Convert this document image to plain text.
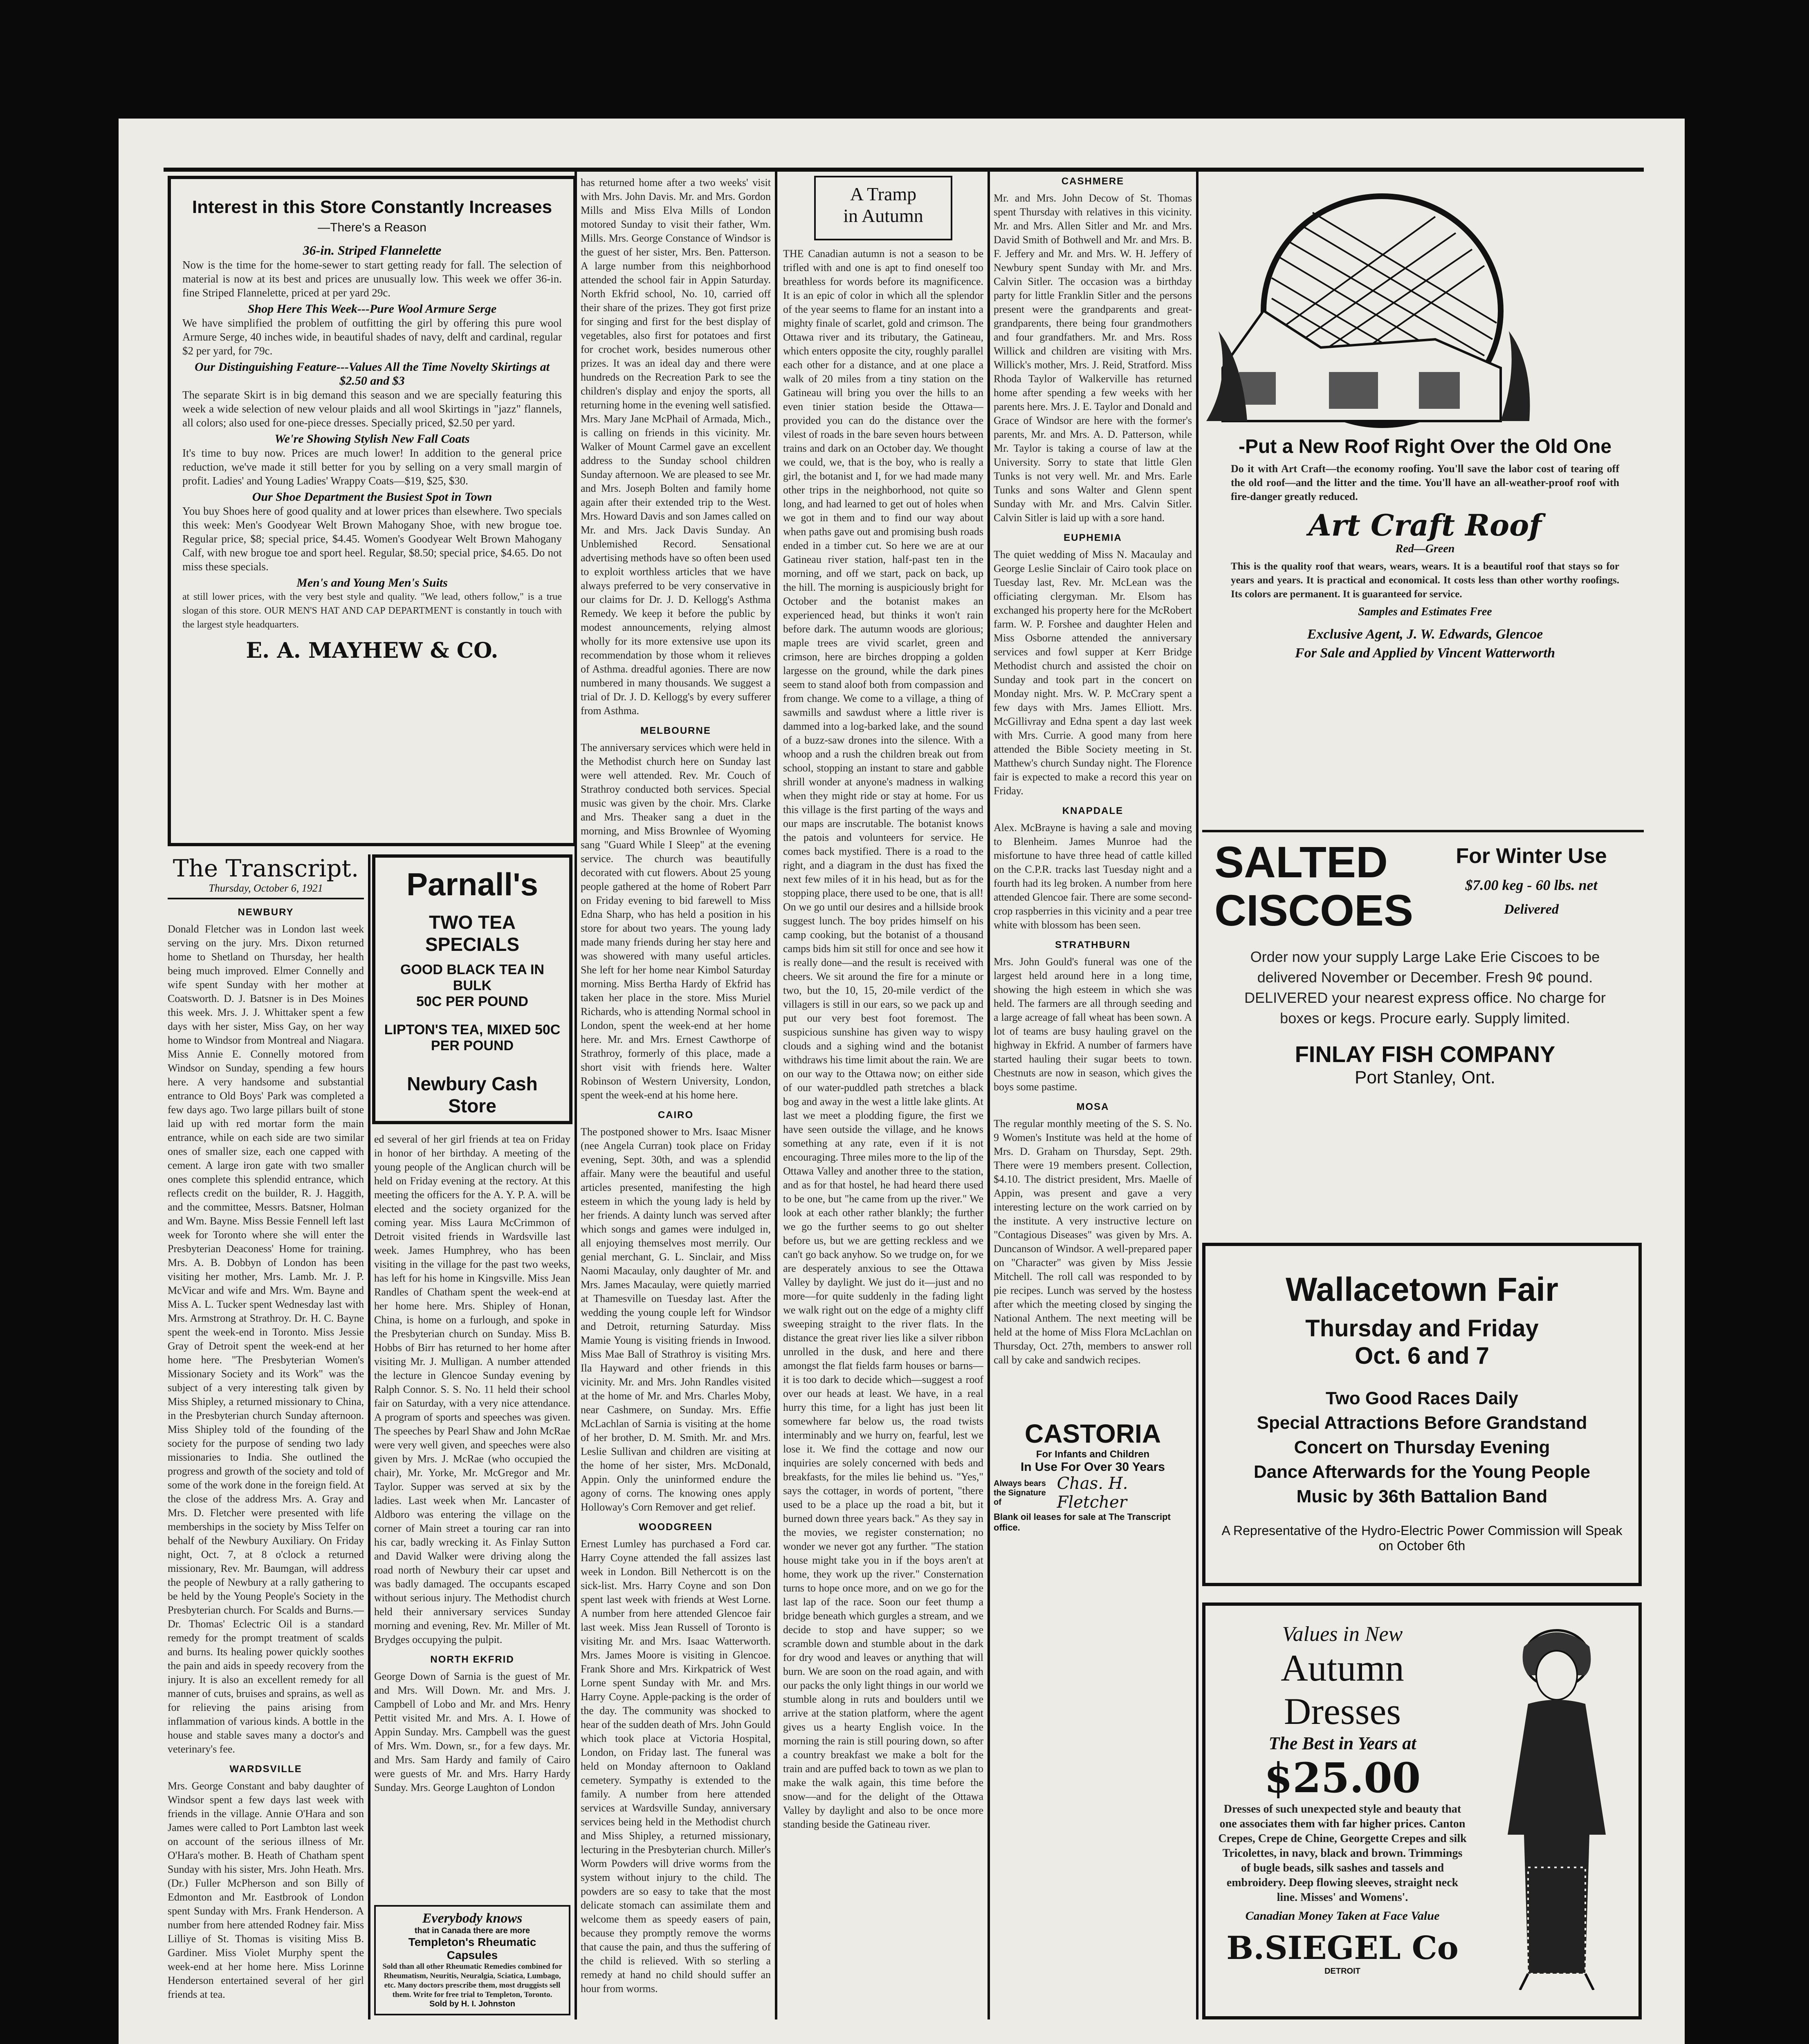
Interest in this Store Constantly Increases
—There's a Reason
36-in. Striped Flannelette

Now is the time for the home-sewer to start getting ready for fall. The selection of material is now at its best and prices are unusually low. This week we offer 36-in. fine Striped Flannelette, priced at per yard 29c.

Shop Here This Week---Pure Wool Armure Serge

We have simplified the problem of outfitting the girl by offering this pure wool Armure Serge, 40 inches wide, in beautiful shades of navy, delft and cardinal, regular $2 per yard, for 79c.

Our Distinguishing Feature---Values All the Time Novelty Skirtings at $2.50 and $3

The separate Skirt is in big demand this season and we are specially featuring this week a wide selection of new velour plaids and all wool Skirtings in "jazz" flannels, all colors; also used for one-piece dresses. Specially priced, $2.50 per yard.

We're Showing Stylish New Fall Coats

It's time to buy now. Prices are much lower! In addition to the general price reduction, we've made it still better for you by selling on a very small margin of profit. Ladies' and Young Ladies' Wrappy Coats—$19, $25, $30.

Our Shoe Department the Busiest Spot in Town

You buy Shoes here of good quality and at lower prices than elsewhere. Two specials this week: Men's Goodyear Welt Brown Mahogany Shoe, with new brogue toe. Regular price, $8; special price, $4.45. Women's Goodyear Welt Brown Mahogany Calf, with new brogue toe and sport heel. Regular, $8.50; special price, $4.65. Do not miss these specials.

Men's and Young Men's Suits

at still lower prices, with the very best style and quality. "We lead, others follow," is a true slogan of this store. OUR MEN'S HAT AND CAP DEPARTMENT is constantly in touch with the largest style headquarters.

E. A. MAYHEW & CO.
The Transcript.
Thursday, October 6, 1921
NEWBURY
Donald Fletcher was in London last week serving on the jury. Mrs. Dixon returned home to Shetland on Thursday, her health being much improved. Elmer Connelly and wife spent Sunday with her mother at Coatsworth. D. J. Batsner is in Des Moines this week. Mrs. J. J. Whittaker spent a few days with her sister, Miss Gay, on her way home to Windsor from Montreal and Niagara. Miss Annie E. Connelly motored from Windsor on Sunday, spending a few hours here. A very handsome and substantial entrance to Old Boys' Park was completed a few days ago. Two large pillars built of stone laid up with red mortar form the main entrance, while on each side are two similar ones of smaller size, each one capped with cement. A large iron gate with two smaller ones complete this splendid entrance, which reflects credit on the builder, R. J. Haggith, and the committee, Messrs. Batsner, Holman and Wm. Bayne. Miss Bessie Fennell left last week for Toronto where she will enter the Presbyterian Deaconess' Home for training. Mrs. A. B. Dobbyn of London has been visiting her mother, Mrs. Lamb. Mr. J. P. McVicar and wife and Mrs. Wm. Bayne and Miss A. L. Tucker spent Wednesday last with Mrs. Armstrong at Strathroy. Dr. H. C. Bayne spent the week-end in Toronto. Miss Jessie Gray of Detroit spent the week-end at her home here. "The Presbyterian Women's Missionary Society and its Work" was the subject of a very interesting talk given by Miss Shipley, a returned missionary to China, in the Presbyterian church Sunday afternoon. Miss Shipley told of the founding of the society for the purpose of sending two lady missionaries to India. She outlined the progress and growth of the society and told of some of the work done in the foreign field. At the close of the address Mrs. A. Gray and Mrs. D. Fletcher were presented with life memberships in the society by Miss Telfer on behalf of the Newbury Auxiliary. On Friday night, Oct. 7, at 8 o'clock a returned missionary, Rev. Mr. Baumgan, will address the people of Newbury at a rally gathering to be held by the Young People's Society in the Presbyterian church. For Scalds and Burns.—Dr. Thomas' Eclectric Oil is a standard remedy for the prompt treatment of scalds and burns. Its healing power quickly soothes the pain and aids in speedy recovery from the injury. It is also an excellent remedy for all manner of cuts, bruises and sprains, as well as for relieving the pains arising from inflammation of various kinds. A bottle in the house and stable saves many a doctor's and veterinary's fee.
WARDSVILLE
Mrs. George Constant and baby daughter of Windsor spent a few days last week with friends in the village. Annie O'Hara and son James were called to Port Lambton last week on account of the serious illness of Mr. O'Hara's mother. B. Heath of Chatham spent Sunday with his sister, Mrs. John Heath. Mrs. (Dr.) Fuller McPherson and son Billy of Edmonton and Mr. Eastbrook of London spent Sunday with Mrs. Frank Henderson. A number from here attended Rodney fair. Miss Lilliye of St. Thomas is visiting Miss B. Gardiner. Miss Violet Murphy spent the week-end at her home here. Miss Lorinne Henderson entertained several of her girl friends at tea.
Parnall's
TWO TEA SPECIALS
GOOD BLACK TEA IN BULK
50C PER POUND
LIPTON'S TEA, MIXED 50C
PER POUND
Newbury Cash Store
ed several of her girl friends at tea on Friday in honor of her birthday. A meeting of the young people of the Anglican church will be held on Friday evening at the rectory. At this meeting the officers for the A. Y. P. A. will be elected and the society organized for the coming year. Miss Laura McCrimmon of Detroit visited friends in Wardsville last week. James Humphrey, who has been visiting in the village for the past two weeks, has left for his home in Kingsville. Miss Jean Randles of Chatham spent the week-end at her home here. Mrs. Shipley of Honan, China, is home on a furlough, and spoke in the Presbyterian church on Sunday. Miss B. Hobbs of Birr has returned to her home after visiting Mr. J. Mulligan. A number attended the lecture in Glencoe Sunday evening by Ralph Connor. S. S. No. 11 held their school fair on Saturday, with a very nice attendance. A program of sports and speeches was given. The speeches by Pearl Shaw and John McRae were very well given, and speeches were also given by Mrs. J. McRae (who occupied the chair), Mr. Yorke, Mr. McGregor and Mr. Taylor. Supper was served at six by the ladies. Last week when Mr. Lancaster of Aldboro was entering the village on the corner of Main street a touring car ran into his car, badly wrecking it. As Finlay Sutton and David Walker were driving along the road north of Newbury their car upset and was badly damaged. The occupants escaped without serious injury. The Methodist church held their anniversary services Sunday morning and evening, Rev. Mr. Miller of Mt. Brydges occupying the pulpit.
NORTH EKFRID
George Down of Sarnia is the guest of Mr. and Mrs. Will Down. Mr. and Mrs. J. Campbell of Lobo and Mr. and Mrs. Henry Pettit visited Mr. and Mrs. A. I. Howe of Appin Sunday. Mrs. Campbell was the guest of Mrs. Wm. Down, sr., for a few days. Mr. and Mrs. Sam Hardy and family of Cairo were guests of Mr. and Mrs. Harry Hardy Sunday. Mrs. George Laughton of London
Everybody knows
that in Canada there are more
Templeton's Rheumatic Capsules
Sold than all other Rheumatic Remedies combined for Rheumatism, Neuritis, Neuralgia, Sciatica, Lumbago, etc. Many doctors prescribe them, most druggists sell them. Write for free trial to Templeton, Toronto.
Sold by H. I. Johnston
has returned home after a two weeks' visit with Mrs. John Davis. Mr. and Mrs. Gordon Mills and Miss Elva Mills of London motored Sunday to visit their father, Wm. Mills. Mrs. George Constance of Windsor is the guest of her sister, Mrs. Ben. Patterson. A large number from this neighborhood attended the school fair in Appin Saturday. North Ekfrid school, No. 10, carried off their share of the prizes. They got first prize for singing and first for the best display of vegetables, also first for potatoes and first for crochet work, besides numerous other prizes. It was an ideal day and there were hundreds on the Recreation Park to see the children's display and enjoy the sports, all returning home in the evening well satisfied. Mrs. Mary Jane McPhail of Armada, Mich., is calling on friends in this vicinity. Mr. Walker of Mount Carmel gave an excellent address to the Sunday school children Sunday afternoon. We are pleased to see Mr. and Mrs. Joseph Bolten and family home again after their extended trip to the West. Mrs. Howard Davis and son James called on Mr. and Mrs. Jack Davis Sunday. An Unblemished Record. Sensational advertising methods have so often been used to exploit worthless articles that we have always preferred to be very conservative in our claims for Dr. J. D. Kellogg's Asthma Remedy. We keep it before the public by modest announcements, relying almost wholly for its more extensive use upon its recommendation by those whom it relieves of Asthma. dreadful agonies. There are now numbered in many thousands. We suggest a trial of Dr. J. D. Kellogg's by every sufferer from Asthma.
MELBOURNE
The anniversary services which were held in the Methodist church here on Sunday last were well attended. Rev. Mr. Couch of Strathroy conducted both services. Special music was given by the choir. Mrs. Clarke and Mrs. Theaker sang a duet in the morning, and Miss Brownlee of Wyoming sang "Guard While I Sleep" at the evening service. The church was beautifully decorated with cut flowers. About 25 young people gathered at the home of Robert Parr on Friday evening to bid farewell to Miss Edna Sharp, who has held a position in his store for about two years. The young lady made many friends during her stay here and was showered with many useful articles. She left for her home near Kimbol Saturday morning. Miss Bertha Hardy of Ekfrid has taken her place in the store. Miss Muriel Richards, who is attending Normal school in London, spent the week-end at her home here. Mr. and Mrs. Ernest Cawthorpe of Strathroy, formerly of this place, made a short visit with friends here. Walter Robinson of Western University, London, spent the week-end at his home here.
CAIRO
The postponed shower to Mrs. Isaac Misner (nee Angela Curran) took place on Friday evening, Sept. 30th, and was a splendid affair. Many were the beautiful and useful articles presented, manifesting the high esteem in which the young lady is held by her friends. A dainty lunch was served after which songs and games were indulged in, all enjoying themselves most merrily. Our genial merchant, G. L. Sinclair, and Miss Naomi Macaulay, only daughter of Mr. and Mrs. James Macaulay, were quietly married at Thamesville on Tuesday last. After the wedding the young couple left for Windsor and Detroit, returning Saturday. Miss Mamie Young is visiting friends in Inwood. Miss Mae Ball of Strathroy is visiting Mrs. Ila Hayward and other friends in this vicinity. Mr. and Mrs. John Randles visited at the home of Mr. and Mrs. Charles Moby, near Cashmere, on Sunday. Mrs. Effie McLachlan of Sarnia is visiting at the home of her brother, D. M. Smith. Mr. and Mrs. Leslie Sullivan and children are visiting at the home of her sister, Mrs. McDonald, Appin. Only the uninformed endure the agony of corns. The knowing ones apply Holloway's Corn Remover and get relief.
WOODGREEN
Ernest Lumley has purchased a Ford car. Harry Coyne attended the fall assizes last week in London. Bill Nethercott is on the sick-list. Mrs. Harry Coyne and son Don spent last week with friends at West Lorne. A number from here attended Glencoe fair last week. Miss Jean Russell of Toronto is visiting Mr. and Mrs. Isaac Watterworth. Mrs. James Moore is visiting in Glencoe. Frank Shore and Mrs. Kirkpatrick of West Lorne spent Sunday with Mr. and Mrs. Harry Coyne. Apple-packing is the order of the day. The community was shocked to hear of the sudden death of Mrs. John Gould which took place at Victoria Hospital, London, on Friday last. The funeral was held on Monday afternoon to Oakland cemetery. Sympathy is extended to the family. A number from here attended services at Wardsville Sunday, anniversary services being held in the Methodist church and Miss Shipley, a returned missionary, lecturing in the Presbyterian church. Miller's Worm Powders will drive worms from the system without injury to the child. The powders are so easy to take that the most delicate stomach can assimilate them and welcome them as speedy easers of pain, because they promptly remove the worms that cause the pain, and thus the suffering of the child is relieved. With so sterling a remedy at hand no child should suffer an hour from worms.
A Tramp
in Autumn
THE Canadian autumn is not a season to be trifled with and one is apt to find oneself too breathless for words before its magnificence. It is an epic of color in which all the splendor of the year seems to flame for an instant into a mighty finale of scarlet, gold and crimson. The Ottawa river and its tributary, the Gatineau, which enters opposite the city, roughly parallel each other for a distance, and at one place a walk of 20 miles from a tiny station on the Gatineau will bring you over the hills to an even tinier station beside the Ottawa—provided you can do the distance over the vilest of roads in the bare seven hours between trains and dark on an October day. We thought we could, we, that is the boy, who is really a girl, the botanist and I, for we had made many other trips in the neighborhood, not quite so long, and had learned to get out of holes when we got in them and to find our way about when paths gave out and promising bush roads ended in a timber cut. So here we are at our Gatineau river station, half-past ten in the morning, and off we start, pack on back, up the hill. The morning is auspiciously bright for October and the botanist makes an experienced head, but thinks it won't rain before dark. The autumn woods are glorious; maple trees are vivid scarlet, green and crimson, here are birches dropping a golden largesse on the ground, while the dark pines seem to stand aloof both from compassion and from change. We come to a village, a thing of sawmills and sawdust where a little river is dammed into a log-barked lake, and the sound of a buzz-saw drones into the silence. With a whoop and a rush the children break out from school, stopping an instant to stare and gabble shrill wonder at anyone's madness in walking when they might ride or stay at home. For us this village is the first parting of the ways and our maps are inscrutable. The botanist knows the patois and volunteers for service. He comes back mystified. There is a road to the right, and a diagram in the dust has fixed the next few miles of it in his head, but as for the stopping place, there used to be one, that is all! On we go until our desires and a hillside brook suggest lunch. The boy prides himself on his camp cooking, but the botanist of a thousand camps bids him sit still for once and see how it is really done—and the result is received with cheers. We sit around the fire for a minute or two, but the 10, 15, 20-mile verdict of the villagers is still in our ears, so we pack up and put our very best foot foremost. The suspicious sunshine has given way to wispy clouds and a sighing wind and the botanist withdraws his time limit about the rain. We are on our way to the Ottawa now; on either side of our water-puddled path stretches a black bog and away in the west a little lake glints. At last we meet a plodding figure, the first we have seen outside the village, and he knows something at any rate, even if it is not encouraging. Three miles more to the lip of the Ottawa Valley and another three to the station, and as for that hostel, he had heard there used to be one, but "he came from up the river." We look at each other rather blankly; the further we go the further seems to go out shelter before us, but we are getting reckless and we can't go back anyhow. So we trudge on, for we are desperately anxious to see the Ottawa Valley by daylight. We just do it—just and no more—for quite suddenly in the fading light we walk right out on the edge of a mighty cliff sweeping straight to the river flats. In the distance the great river lies like a silver ribbon unrolled in the dusk, and here and there amongst the flat fields farm houses or barns—it is too dark to decide which—suggest a roof over our heads at least. We have, in a real hurry this time, for a light has just been lit somewhere far below us, the road twists interminably and we hurry on, fearful, lest we lose it. We find the cottage and now our inquiries are solely concerned with beds and breakfasts, for the miles lie behind us. "Yes," says the cottager, in words of portent, "there used to be a place up the road a bit, but it burned down three years back." As they say in the movies, we register consternation; no wonder we never got any further. "The station house might take you in if the boys aren't at home, they work up the river." Consternation turns to hope once more, and on we go for the last lap of the race. Soon our feet thump a bridge beneath which gurgles a stream, and we decide to stop and have supper; so we scramble down and stumble about in the dark for dry wood and leaves or anything that will burn. We are soon on the road again, and with our packs the only light things in our world we stumble along in ruts and boulders until we arrive at the station platform, where the agent gives us a hearty English voice. In the morning the rain is still pouring down, so after a country breakfast we make a bolt for the train and are puffed back to town as we plan to make the walk again, this time before the snow—and for the delight of the Ottawa Valley by daylight and also to be once more standing beside the Gatineau river.
CASHMERE
Mr. and Mrs. John Decow of St. Thomas spent Thursday with relatives in this vicinity. Mr. and Mrs. Allen Sitler and Mr. and Mrs. David Smith of Bothwell and Mr. and Mrs. B. F. Jeffery and Mr. and Mrs. W. H. Jeffery of Newbury spent Sunday with Mr. and Mrs. Calvin Sitler. The occasion was a birthday party for little Franklin Sitler and the persons present were the grandparents and great-grandparents, there being four grandmothers and four grandfathers. Mr. and Mrs. Ross Willick and children are visiting with Mrs. Willick's mother, Mrs. J. Reid, Stratford. Miss Rhoda Taylor of Walkerville has returned home after spending a few weeks with her parents here. Mrs. J. E. Taylor and Donald and Grace of Windsor are here with the former's parents, Mr. and Mrs. A. D. Patterson, while Mr. Taylor is taking a course of law at the University. Sorry to state that little Glen Tunks is not very well. Mr. and Mrs. Earle Tunks and sons Walter and Glenn spent Sunday with Mr. and Mrs. Calvin Sitler. Calvin Sitler is laid up with a sore hand.
EUPHEMIA
The quiet wedding of Miss N. Macaulay and George Leslie Sinclair of Cairo took place on Tuesday last, Rev. Mr. McLean was the officiating clergyman. Mr. Elsom has exchanged his property here for the McRobert farm. W. P. Forshee and daughter Helen and Miss Osborne attended the anniversary services and fowl supper at Kerr Bridge Methodist church and assisted the choir on Sunday and took part in the concert on Monday night. Mrs. W. P. McCrary spent a few days with Mrs. James Elliott. Mrs. McGillivray and Edna spent a day last week with Mrs. Currie. A good many from here attended the Bible Society meeting in St. Matthew's church Sunday night. The Florence fair is expected to make a record this year on Friday.
KNAPDALE
Alex. McBrayne is having a sale and moving to Blenheim. James Munroe had the misfortune to have three head of cattle killed on the C.P.R. tracks last Tuesday night and a fourth had its leg broken. A number from here attended Glencoe fair. There are some second-crop raspberries in this vicinity and a pear tree white with blossom has been seen.
STRATHBURN
Mrs. John Gould's funeral was one of the largest held around here in a long time, showing the high esteem in which she was held. The farmers are all through seeding and a large acreage of fall wheat has been sown. A lot of teams are busy hauling gravel on the highway in Ekfrid. A number of farmers have started hauling their sugar beets to town. Chestnuts are now in season, which gives the boys some pastime.
MOSA
The regular monthly meeting of the S. S. No. 9 Women's Institute was held at the home of Mrs. D. Graham on Thursday, Sept. 29th. There were 19 members present. Collection, $4.10. The district president, Mrs. Maelle of Appin, was present and gave a very interesting lecture on the work carried on by the institute. A very instructive lecture on "Contagious Diseases" was given by Mrs. A. Duncanson of Windsor. A well-prepared paper on "Character" was given by Miss Jessie Mitchell. The roll call was responded to by pie recipes. Lunch was served by the hostess after which the meeting closed by singing the National Anthem. The next meeting will be held at the home of Miss Flora McLachlan on Thursday, Oct. 27th, members to answer roll call by cake and sandwich recipes.
CASTORIA
For Infants and Children
In Use For Over 30 Years
Always bears the Signature of
Chas. H. Fletcher
Blank oil leases for sale at The Transcript office.
-Put a New Roof Right Over the Old One
Do it with Art Craft—the economy roofing. You'll save the labor cost of tearing off the old roof—and the litter and the time. You'll have an all-weather-proof roof with fire-danger greatly reduced.
Art Craft Roof
Red—Green
This is the quality roof that wears, wears, wears. It is a beautiful roof that stays so for years and years. It is practical and economical. It costs less than other worthy roofings. Its colors are permanent. It is guaranteed for service.
Samples and Estimates Free
Exclusive Agent, J. W. Edwards, Glencoe
For Sale and Applied by Vincent Watterworth
SALTED
CISCOES
For Winter Use
$7.00 keg - 60 lbs. net
Delivered
Order now your supply Large Lake Erie Ciscoes to be delivered November or December. Fresh 9¢ pound. DELIVERED your nearest express office. No charge for boxes or kegs. Procure early. Supply limited.
FINLAY FISH COMPANY
Port Stanley, Ont.
Wallacetown Fair
Thursday and Friday
Oct. 6 and 7
Two Good Races Daily
Special Attractions Before Grandstand
Concert on Thursday Evening
Dance Afterwards for the Young People
Music by 36th Battalion Band
A Representative of the Hydro-Electric Power Commission will Speak on October 6th
Values in New
Autumn Dresses
The Best in Years at
$25.00
Dresses of such unexpected style and beauty that one associates them with far higher prices. Canton Crepes, Crepe de Chine, Georgette Crepes and silk Tricolettes, in navy, black and brown. Trimmings of bugle beads, silk sashes and tassels and embroidery. Deep flowing sleeves, straight neck line. Misses' and Womens'.
Canadian Money Taken at Face Value
B.SIEGEL Co
DETROIT
